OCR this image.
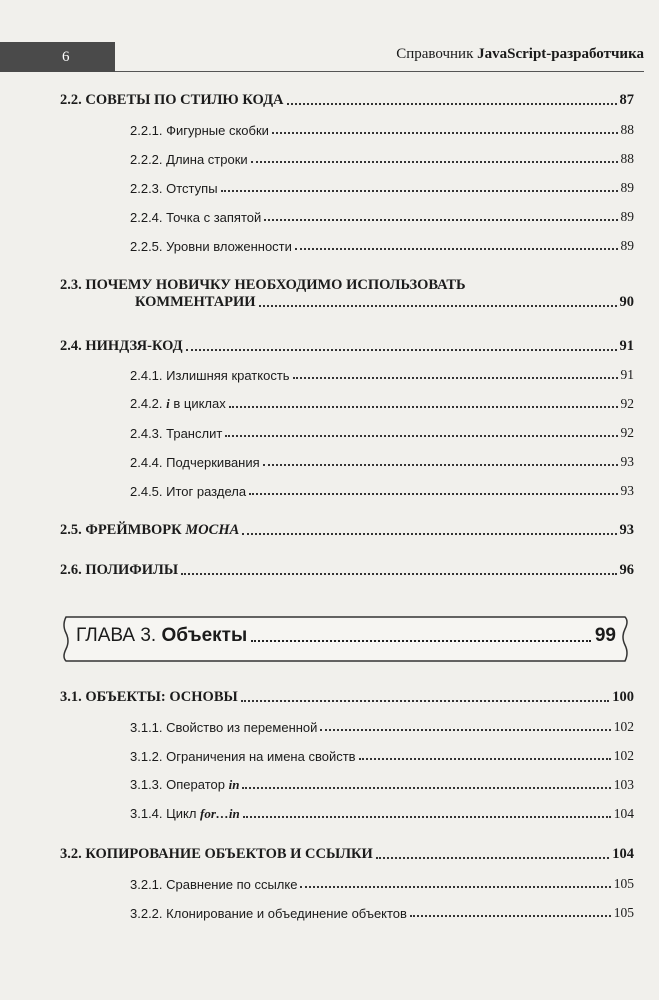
6	Справочник JavaScript-разработчика
2.2. СОВЕТЫ ПО СТИЛЮ КОДА	87
2.2.1. Фигурные скобки	88
2.2.2. Длина строки	88
2.2.3. Отступы	89
2.2.4. Точка с запятой	89
2.2.5. Уровни вложенности	89
2.3. ПОЧЕМУ НОВИЧКУ НЕОБХОДИМО ИСПОЛЬЗОВАТЬ
КОММЕНТАРИИ	90
2.4. НИНДЗЯ-КОД	91
2.4.1. Излишняя краткость	91
2.4.2. i в циклах	92
2.4.3. Транслит	92
2.4.4. Подчеркивания	93
2.4.5. Итог раздела	93
2.5. ФРЕЙМВОРК MOCHA	93
2.6. ПОЛИФИЛЫ	96
ГЛАВА 3. Объекты	99
3.1. ОБЪЕКТЫ: ОСНОВЫ	100
3.1.1. Свойство из переменной	102
3.1.2. Ограничения на имена свойств	102
3.1.3. Оператор in	103
3.1.4. Цикл for…in	104
3.2. КОПИРОВАНИЕ ОБЪЕКТОВ И ССЫЛКИ	104
3.2.1. Сравнение по ссылке	105
3.2.2. Клонирование и объединение объектов	105
